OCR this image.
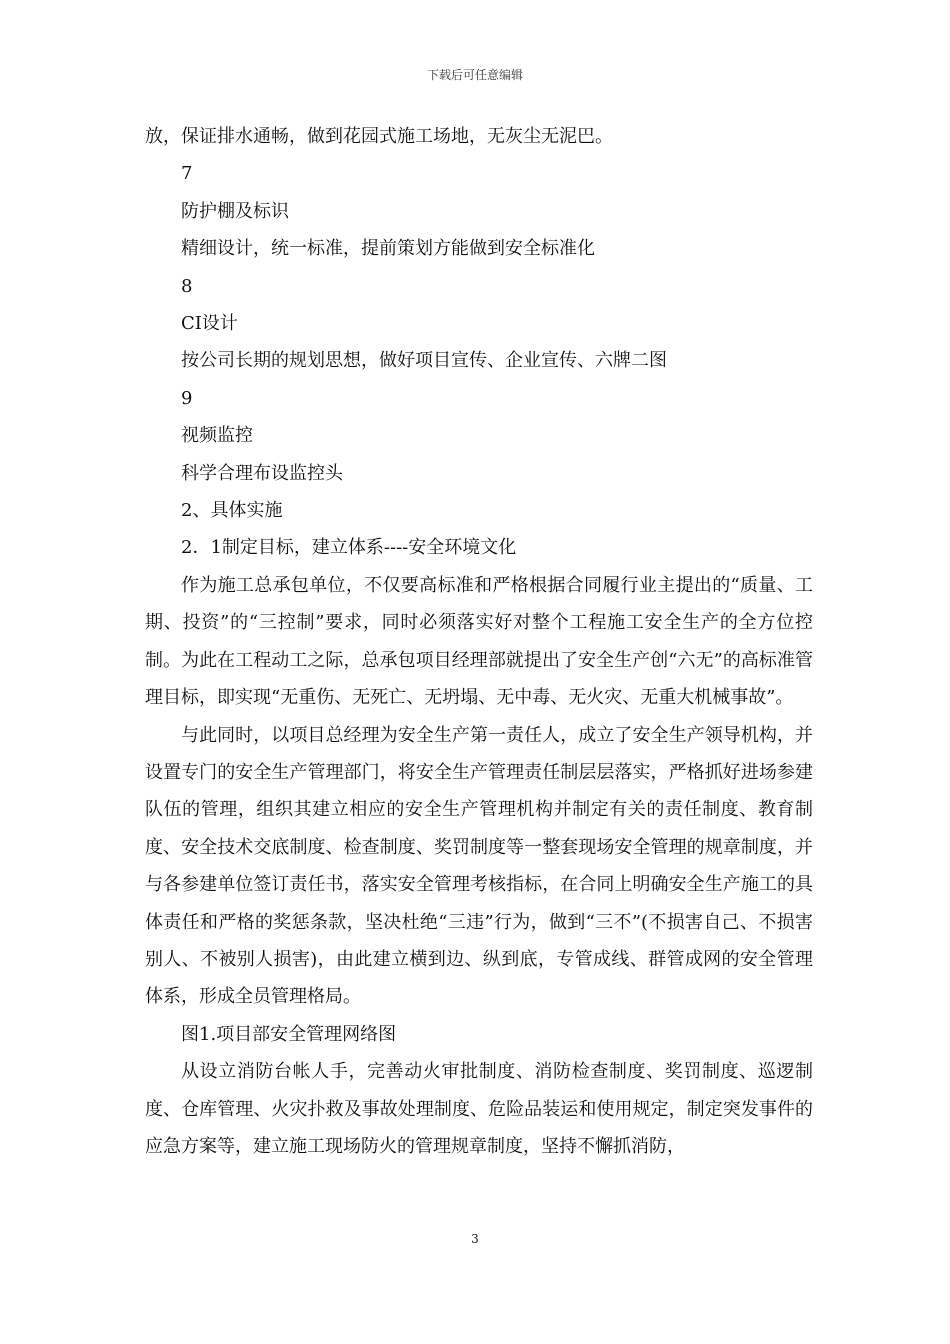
下载后可任意编辑

放，保证排水通畅，做到花园式施工场地，无灰尘无泥巴。

7

防护棚及标识

精细设计，统一标准，提前策划方能做到安全标准化

8

CI设计

按公司长期的规划思想，做好项目宣传、企业宣传、六牌二图

9

视频监控

科学合理布设监控头

2、具体实施

2．1制定目标，建立体系----安全环境文化

作为施工总承包单位，不仅要高标准和严格根据合同履行业主提出的“质量、工期、投资”的“三控制”要求，同时必须落实好对整个工程施工安全生产的全方位控制。为此在工程动工之际，总承包项目经理部就提出了安全生产创“六无”的高标准管理目标，即实现“无重伤、无死亡、无坍塌、无中毒、无火灾、无重大机械事故”。

与此同时，以项目总经理为安全生产第一责任人，成立了安全生产领导机构，并设置专门的安全生产管理部门，将安全生产管理责任制层层落实，严格抓好进场参建队伍的管理，组织其建立相应的安全生产管理机构并制定有关的责任制度、教育制度、安全技术交底制度、检查制度、奖罚制度等一整套现场安全管理的规章制度，并与各参建单位签订责任书，落实安全管理考核指标，在合同上明确安全生产施工的具体责任和严格的奖惩条款，坚决杜绝“三违”行为，做到“三不”(不损害自己、不损害别人、不被别人损害)，由此建立横到边、纵到底，专管成线、群管成网的安全管理体系，形成全员管理格局。

图1.项目部安全管理网络图

从设立消防台帐人手，完善动火审批制度、消防检查制度、奖罚制度、巡逻制度、仓库管理、火灾扑救及事故处理制度、危险品装运和使用规定，制定突发事件的应急方案等，建立施工现场防火的管理规章制度，坚持不懈抓消防，

3
